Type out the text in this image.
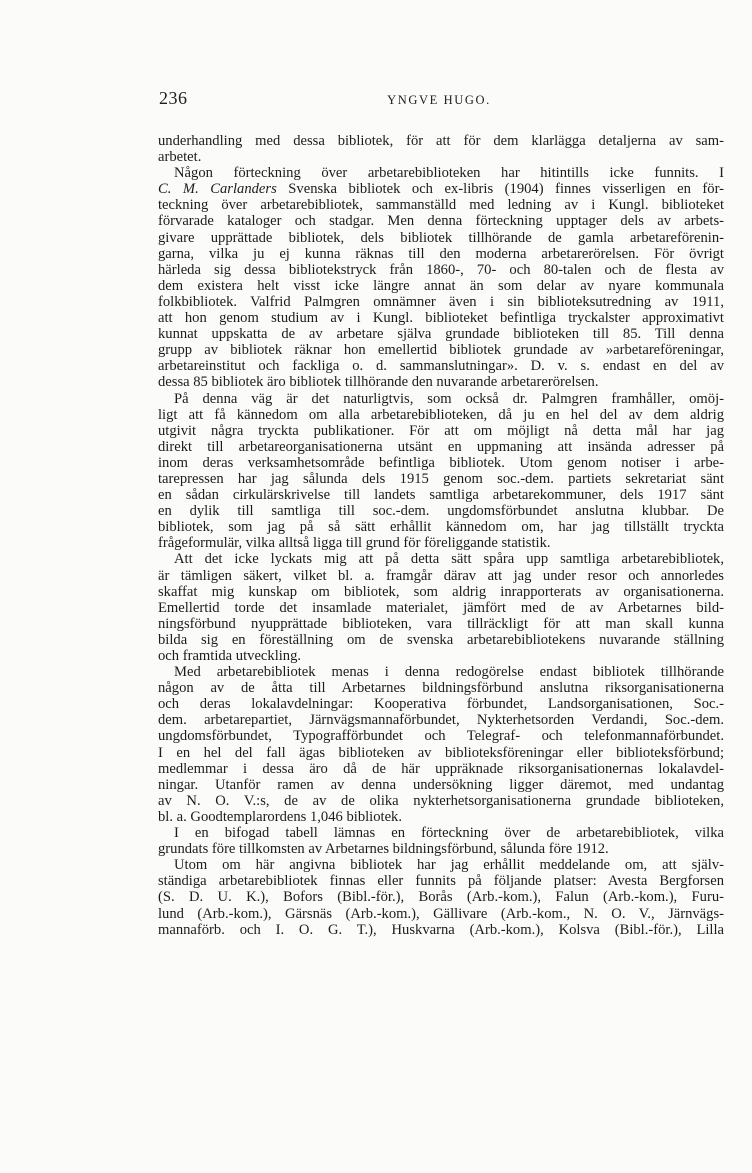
236	YNGVE HUGO.
underhandling med dessa bibliotek, för att för dem klarlägga detaljerna av sam-
arbetet.
Någon förteckning över arbetarebiblioteken har hitintills icke funnits. I
C. M. Carlanders Svenska bibliotek och ex-libris (1904) finnes visserligen en för-
teckning över arbetarebibliotek, sammanställd med ledning av i Kungl. biblioteket
förvarade kataloger och stadgar. Men denna förteckning upptager dels av arbets-
givare upprättade bibliotek, dels bibliotek tillhörande de gamla arbetareförenin-
garna, vilka ju ej kunna räknas till den moderna arbetarerörelsen. För övrigt
härleda sig dessa bibliotekstryck från 1860-, 70- och 80-talen och de flesta av
dem existera helt visst icke längre annat än som delar av nyare kommunala
folkbibliotek. Valfrid Palmgren omnämner även i sin biblioteksutredning av 1911,
att hon genom studium av i Kungl. biblioteket befintliga tryckalster approximativt
kunnat uppskatta de av arbetare själva grundade biblioteken till 85. Till denna
grupp av bibliotek räknar hon emellertid bibliotek grundade av »arbetareföreningar,
arbetareinstitut och fackliga o. d. sammanslutningar». D. v. s. endast en del av
dessa 85 bibliotek äro bibliotek tillhörande den nuvarande arbetarerörelsen.
På denna väg är det naturligtvis, som också dr. Palmgren framhåller, omöj-
ligt att få kännedom om alla arbetarebiblioteken, då ju en hel del av dem aldrig
utgivit några tryckta publikationer. För att om möjligt nå detta mål har jag
direkt till arbetareorganisationerna utsänt en uppmaning att insända adresser på
inom deras verksamhetsområde befintliga bibliotek. Utom genom notiser i arbe-
tarepressen har jag sålunda dels 1915 genom soc.-dem. partiets sekretariat sänt
en sådan cirkulärskrivelse till landets samtliga arbetarekommuner, dels 1917 sänt
en dylik till samtliga till soc.-dem. ungdomsförbundet anslutna klubbar. De
bibliotek, som jag på så sätt erhållit kännedom om, har jag tillställt tryckta
frågeformulär, vilka alltså ligga till grund för föreliggande statistik.
Att det icke lyckats mig att på detta sätt spåra upp samtliga arbetarebibliotek,
är tämligen säkert, vilket bl. a. framgår därav att jag under resor och annorledes
skaffat mig kunskap om bibliotek, som aldrig inrapporterats av organisationerna.
Emellertid torde det insamlade materialet, jämfört med de av Arbetarnes bild-
ningsförbund nyupprättade biblioteken, vara tillräckligt för att man skall kunna
bilda sig en föreställning om de svenska arbetarebibliotekens nuvarande ställning
och framtida utveckling.
Med arbetarebibliotek menas i denna redogörelse endast bibliotek tillhörande
någon av de åtta till Arbetarnes bildningsförbund anslutna riksorganisationerna
och deras lokalavdelningar: Kooperativa förbundet, Landsorganisationen, Soc.-
dem. arbetarepartiet, Järnvägsmannaförbundet, Nykterhetsorden Verdandi, Soc.-dem.
ungdomsförbundet, Typografförbundet och Telegraf- och telefonmannaförbundet.
I en hel del fall ägas biblioteken av biblioteksföreningar eller biblioteksförbund;
medlemmar i dessa äro då de här uppräknade riksorganisationernas lokalavdel-
ningar. Utanför ramen av denna undersökning ligger däremot, med undantag
av N. O. V.:s, de av de olika nykterhetsorganisationerna grundade biblioteken,
bl. a. Goodtemplarordens 1,046 bibliotek.
I en bifogad tabell lämnas en förteckning över de arbetarebibliotek, vilka
grundats före tillkomsten av Arbetarnes bildningsförbund, sålunda före 1912.
Utom om här angivna bibliotek har jag erhållit meddelande om, att själv-
ständiga arbetarebibliotek finnas eller funnits på följande platser: Avesta Bergforsen
(S. D. U. K.), Bofors (Bibl.-för.), Borås (Arb.-kom.), Falun (Arb.-kom.), Furu-
lund (Arb.-kom.), Gärsnäs (Arb.-kom.), Gällivare (Arb.-kom., N. O. V., Järnvägs-
mannaförb. och I. O. G. T.), Huskvarna (Arb.-kom.), Kolsva (Bibl.-för.), Lilla
